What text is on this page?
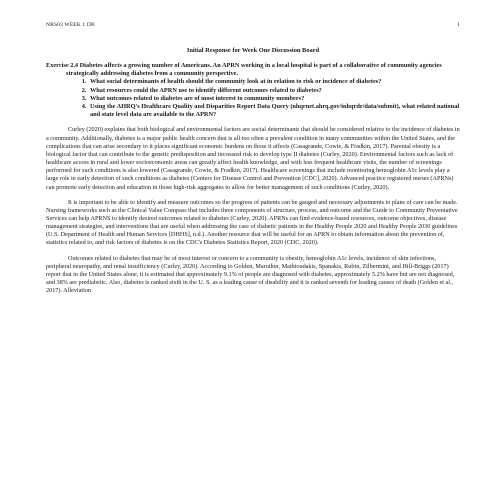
NRS03 WEEK 1 DB	1
Initial Response for Week One Discussion Board

Exercise 2.4 Diabetes affects a growing number of Americans. An APRN working in a local hospital is part of a collaborative of community agencies strategically addressing diabetes from a community perspective.

1. What social determinants of health should the community look at in relation to risk or incidence of diabetes?
2. What resources could the APRN use to identify different outcomes related to diabetes?
3. What outcomes related to diabetes are of most interest to community members?
4. Using the AHRQ's Healthcare Quality and Disparities Report Data Query (nhqrnet.ahrq.gov/inhqrdr/data/submit), what related national and state level data are available to the APRN?

Curley (2020) explains that both biological and environmental factors are social determinants that should be considered relative to the incidence of diabetes in a community. Additionally, diabetes is a major public health concern that is all too often a prevalent condition in many communities within the United States, and the complications that can arise secondary to it places significant economic burdens on those it affects (Casagrande, Cowie, & Fradkin, 2017). Parental obesity is a biological factor that can contribute to the genetic predisposition and increased risk to develop type II diabetes (Curley, 2020). Environmental factors such as lack of healthcare access in rural and lower socioeconomic areas can greatly affect health knowledge, and with less frequent healthcare visits, the number of screenings performed for such conditions is also lowered (Casagrande, Cowie, & Fradkin, 2017). Healthcare screenings that include monitoring hemoglobin A1c levels play a large role in early detection of such conditions as diabetes (Centers for Disease Control and Prevention [CDC], 2020). Advanced practice registered nurses (APRNs) can promote early detection and education in those high-risk aggregates to allow for better management of such conditions (Curley, 2020).

It is important to be able to identify and measure outcomes so the progress of patients can be gauged and necessary adjustments to plans of care can be made. Nursing frameworks such as the Clinical Value Compass that includes three components of structure, process, and outcome and the Guide to Community Preventative Services can help APRNS to identify desired outcomes related to diabetes (Curley, 2020). APRNs can find evidence-based resources, outcome objectives, disease management strategies, and interventions that are useful when addressing the care of diabetic patients in the Healthy People 2020 and Healthy People 2030 guidelines (U.S. Department of Health and Human Services [DHHS], n.d.). Another resource that will be useful for an APRN to obtain information about the prevention of, statistics related to, and risk factors of diabetes is on the CDC's Diabetes Statistics Report, 2020 (CDC, 2020).

Outcomes related to diabetes that may be of most interest or concern to a community is obesity, hemoglobin A1c levels, incidence of skin infections, peripheral neuropathy, and renal insufficiency (Curley, 2020). According to Golden, Maruthur, Mathioudakis, Spanakis, Rubin, Zilbermint, and Hill-Briggs (2017) report that in the United States alone, it is estimated that approximately 9.1% of people are diagnosed with diabetes, approximately 5.2% have but are not diagnosed, and 38% are prediabetic. Also, diabetes is ranked sixth in the U. S. as a leading cause of disability and it is ranked seventh for leading causes of death (Golden et al., 2017). Alleviation
